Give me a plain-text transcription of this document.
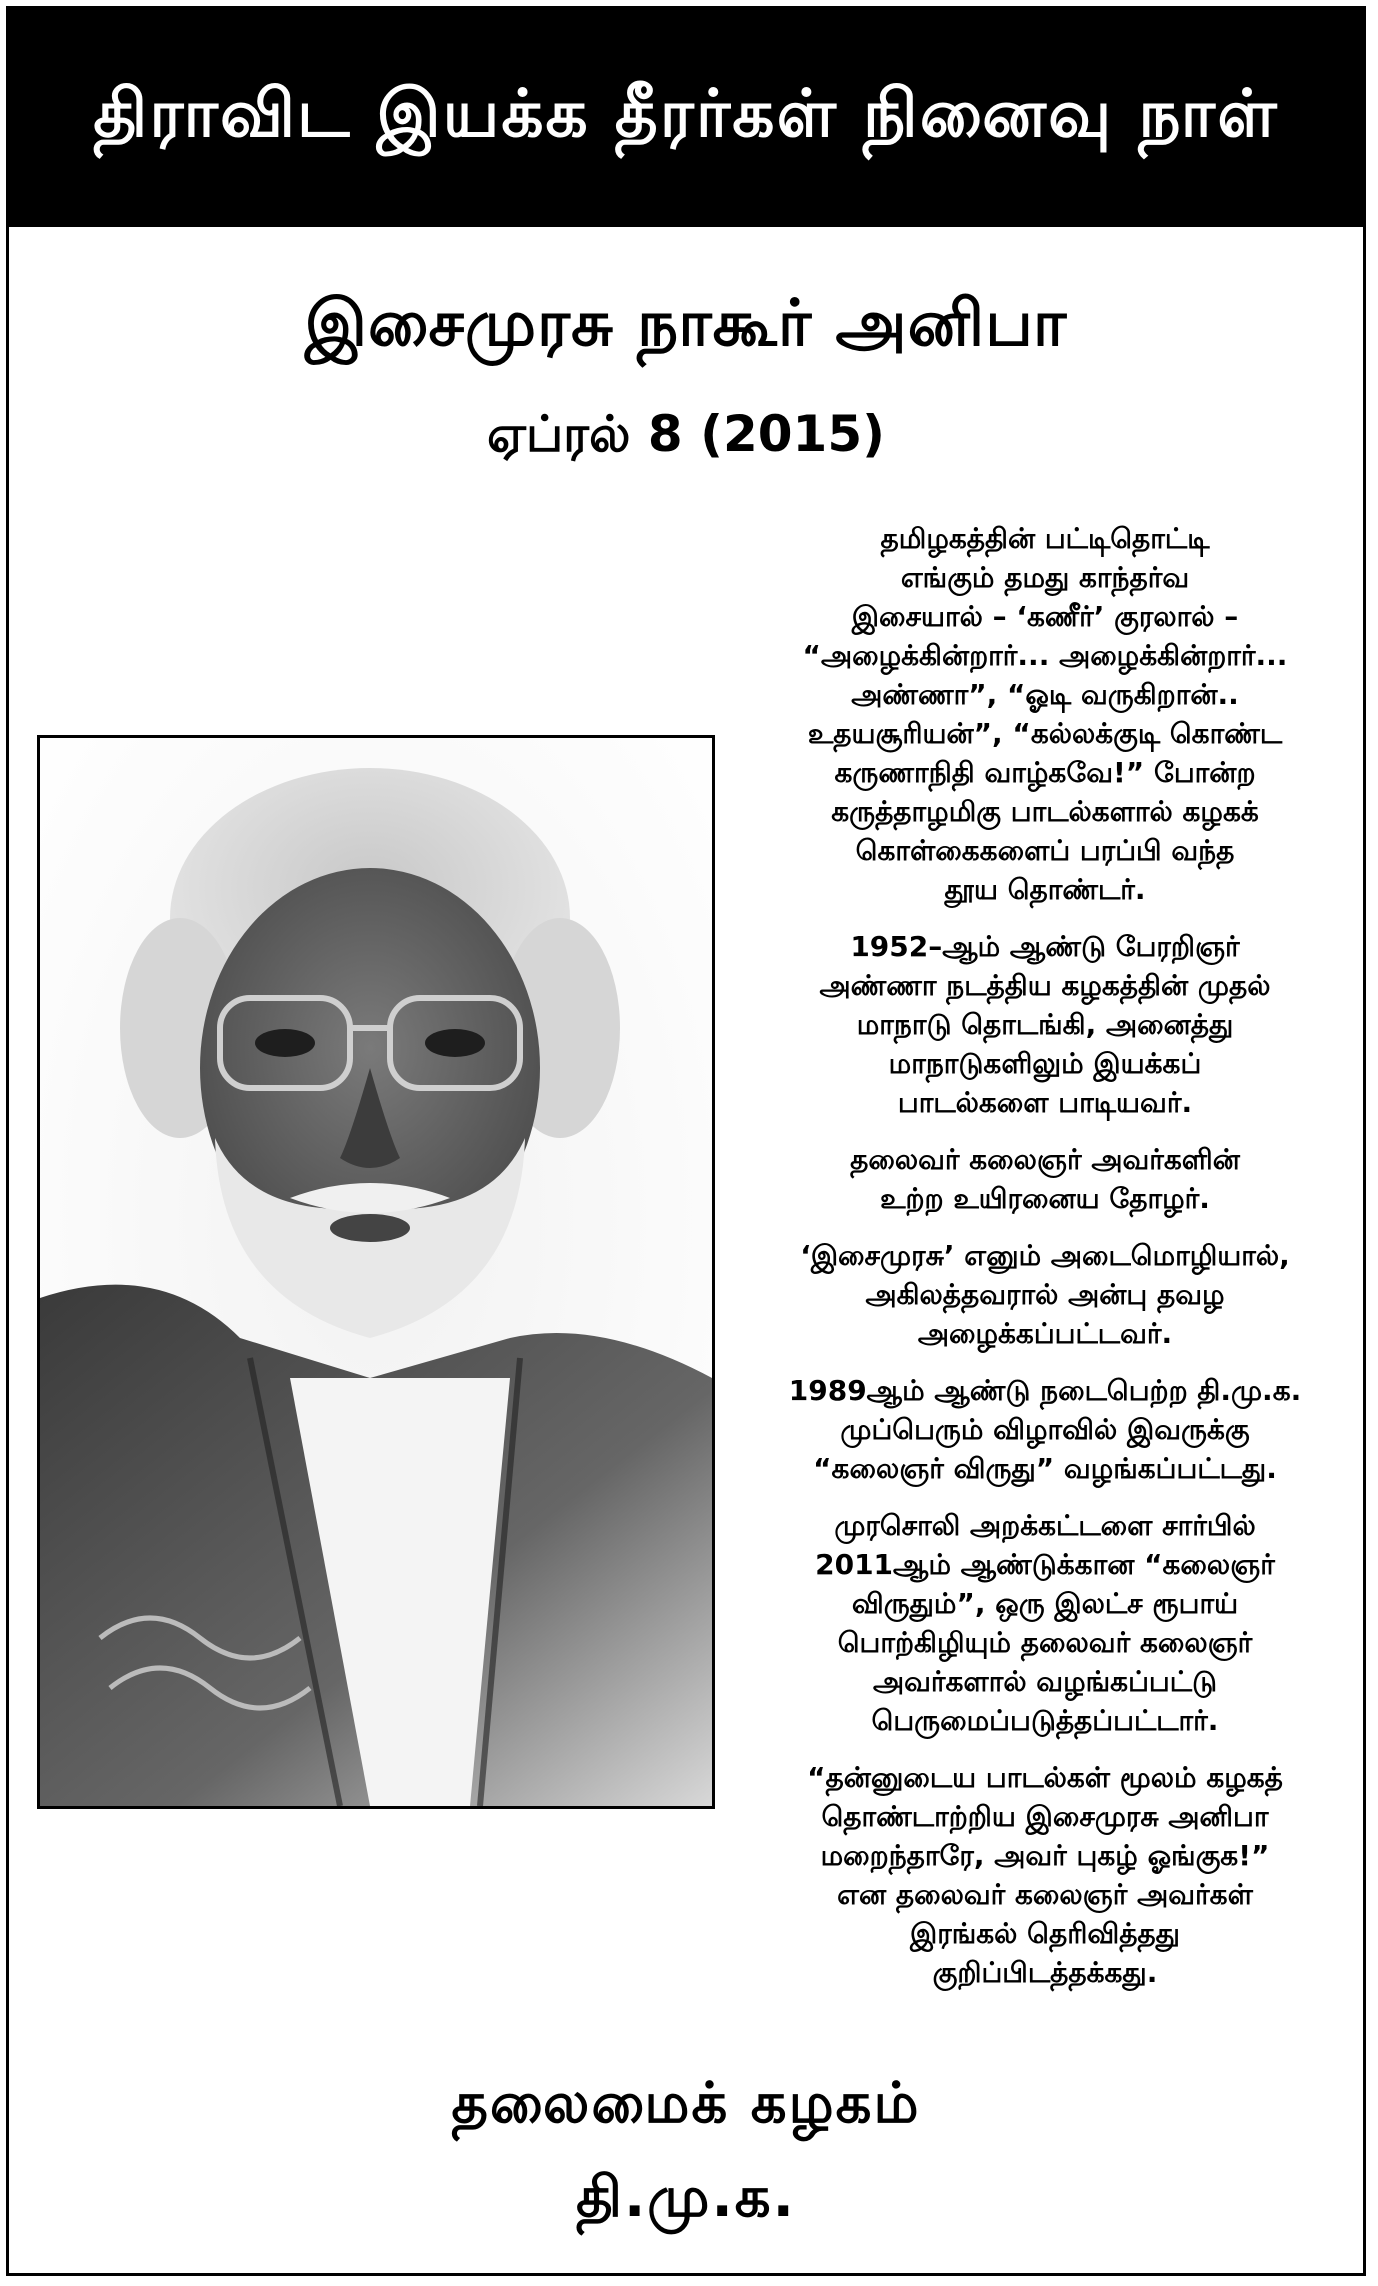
திராவிட இயக்க தீரர்கள் நினைவு நாள்
இசைமுரசு நாகூர் அனிபா
ஏப்ரல் 8 (2015)

தமிழகத்தின் பட்டிதொட்டி
எங்கும் தமது காந்தர்வ
இசையால் – ‘கணீர்’ குரலால் –
“அழைக்கின்றார்... அழைக்கின்றார்...
அண்ணா”, “ஓடி வருகிறான்..
உதயசூரியன்”, “கல்லக்குடி கொண்ட
கருணாநிதி வாழ்கவே!” போன்ற
கருத்தாழமிகு பாடல்களால் கழகக்
கொள்கைகளைப் பரப்பி வந்த
தூய தொண்டர்.

1952–ஆம் ஆண்டு பேரறிஞர்
அண்ணா நடத்திய கழகத்தின் முதல்
மாநாடு தொடங்கி, அனைத்து
மாநாடுகளிலும் இயக்கப்
பாடல்களை பாடியவர்.

தலைவர் கலைஞர் அவர்களின்
உற்ற உயிரனைய தோழர்.

‘இசைமுரசு’ எனும் அடைமொழியால்,
அகிலத்தவரால் அன்பு தவழ
அழைக்கப்பட்டவர்.

1989ஆம் ஆண்டு நடைபெற்ற தி.மு.க.
முப்பெரும் விழாவில் இவருக்கு
“கலைஞர் விருது” வழங்கப்பட்டது.

முரசொலி அறக்கட்டளை சார்பில்
2011ஆம் ஆண்டுக்கான “கலைஞர்
விருதும்”, ஒரு இலட்ச ரூபாய்
பொற்கிழியும் தலைவர் கலைஞர்
அவர்களால் வழங்கப்பட்டு
பெருமைப்படுத்தப்பட்டார்.

“தன்னுடைய பாடல்கள் மூலம் கழகத்
தொண்டாற்றிய இசைமுரசு அனிபா
மறைந்தாரே, அவர் புகழ் ஓங்குக!”
என தலைவர் கலைஞர் அவர்கள்
இரங்கல் தெரிவித்தது
குறிப்பிடத்தக்கது.

தலைமைக் கழகம்
தி.மு.க.
